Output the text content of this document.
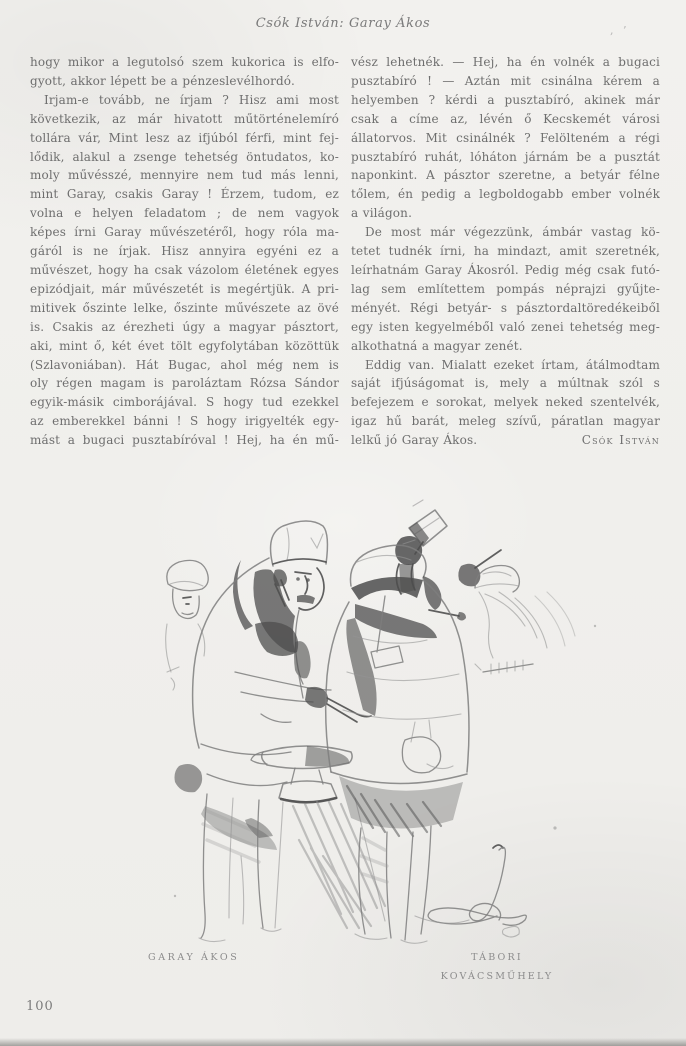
Csók István: Garay Ákos	, ’
hogy mikor a legutolsó szem kukorica is elfo-
gyott, akkor lépett be a pénzeslevélhordó.
Irjam-e tovább, ne írjam ? Hisz ami most
következik, az már hivatott műtörténelemíró
tollára vár, Mint lesz az ifjúból férfi, mint fej-
lődik, alakul a zsenge tehetség öntudatos, ko-
moly művésszé, mennyire nem tud más lenni,
mint Garay, csakis Garay ! Érzem, tudom, ez
volna e helyen feladatom ; de nem vagyok
képes írni Garay művészetéről, hogy róla ma-
gáról is ne írjak. Hisz annyira egyéni ez a
művészet, hogy ha csak vázolom életének egyes
epizódjait, már művészetét is megértjük. A pri-
mitivek őszinte lelke, őszinte művészete az övé
is. Csakis az érezheti úgy a magyar pásztort,
aki, mint ő, két évet tölt egyfolytában közöttük
(Szlavoniában). Hát Bugac, ahol még nem is
oly régen magam is paroláztam Rózsa Sándor
egyik-másik cimborájával. S hogy tud ezekkel
az emberekkel bánni ! S hogy irigyelték egy-
mást a bugaci pusztabíróval ! Hej, ha én mű-
vész lehetnék. — Hej, ha én volnék a bugaci
pusztabíró ! — Aztán mit csinálna kérem a
helyemben ? kérdi a pusztabíró, akinek már
csak a címe az, lévén ő Kecskemét városi
állatorvos. Mit csinálnék ? Felölteném a régi
pusztabíró ruhát, lóháton járnám be a pusztát
naponkint. A pásztor szeretne, a betyár félne
tőlem, én pedig a legboldogabb ember volnék
a világon.
De most már végezzünk, ámbár vastag kö-
tetet tudnék írni, ha mindazt, amit szeretnék,
leírhatnám Garay Ákosról. Pedig még csak futó-
lag sem említettem pompás néprajzi gyűjte-
ményét. Régi betyár- s pásztordaltöredékeiből
egy isten kegyelméből való zenei tehetség meg-
alkothatná a magyar zenét.
Eddig van. Mialatt ezeket írtam, átálmodtam
saját ifjúságomat is, mely a múltnak szól s
befejezem e sorokat, melyek neked szentelvék,
igaz hű barát, meleg szívű, páratlan magyar
lelkű jó Garay Ákos.	Csók István
GARAY ÁKOS	TÁBORI
KOVÁCSMŰHELY
100
